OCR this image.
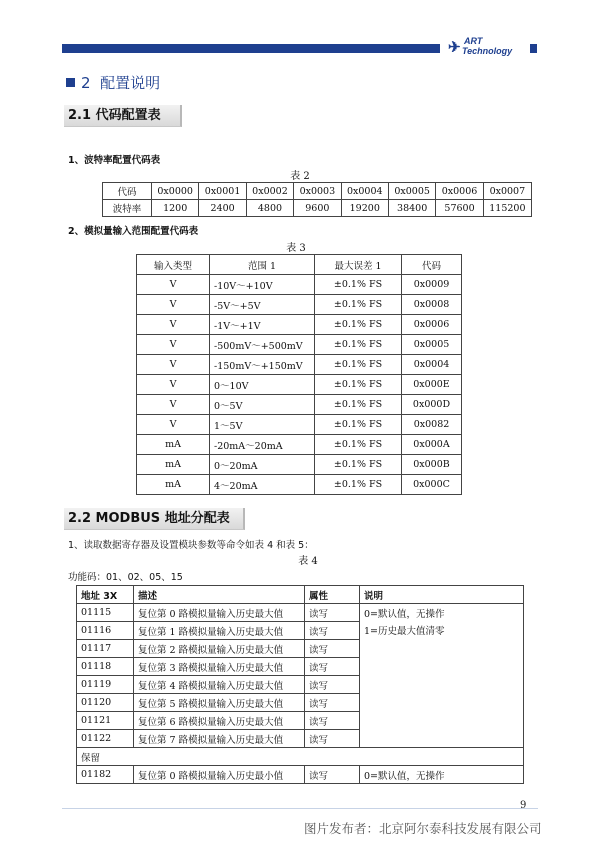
✈ ART
Technology
2 配置说明
2.1 代码配置表
1、波特率配置代码表
表 2
代码	0x0000	0x0001	0x0002	0x0003	0x0004	0x0005	0x0006	0x0007
波特率	1200	2400	4800	9600	19200	38400	57600	115200
2、模拟量输入范围配置代码表
表 3
输入类型	范围 1	最大误差 1	代码
V	-10V～+10V	±0.1% FS	0x0009
V	-5V～+5V	±0.1% FS	0x0008
V	-1V～+1V	±0.1% FS	0x0006
V	-500mV～+500mV	±0.1% FS	0x0005
V	-150mV～+150mV	±0.1% FS	0x0004
V	0～10V	±0.1% FS	0x000E
V	0～5V	±0.1% FS	0x000D
V	1～5V	±0.1% FS	0x0082
mA	-20mA～20mA	±0.1% FS	0x000A
mA	0～20mA	±0.1% FS	0x000B
mA	4～20mA	±0.1% FS	0x000C
2.2 MODBUS 地址分配表
1、读取数据寄存器及设置模块参数等命令如表 4 和表 5：
表 4
功能码：01、02、05、15
地址 3X	描述	属性	说明
01115	复位第 0 路模拟量输入历史最大值	读写	0=默认值，无操作
1=历史最大值清零

01116	复位第 1 路模拟量输入历史最大值	读写	
01117	复位第 2 路模拟量输入历史最大值	读写	
01118	复位第 3 路模拟量输入历史最大值	读写	
01119	复位第 4 路模拟量输入历史最大值	读写	
01120	复位第 5 路模拟量输入历史最大值	读写	
01121	复位第 6 路模拟量输入历史最大值	读写	
01122	复位第 7 路模拟量输入历史最大值	读写	
保留			
01182	复位第 0 路模拟量输入历史最小值	读写	0=默认值，无操作
9
图片发布者：北京阿尔泰科技发展有限公司
